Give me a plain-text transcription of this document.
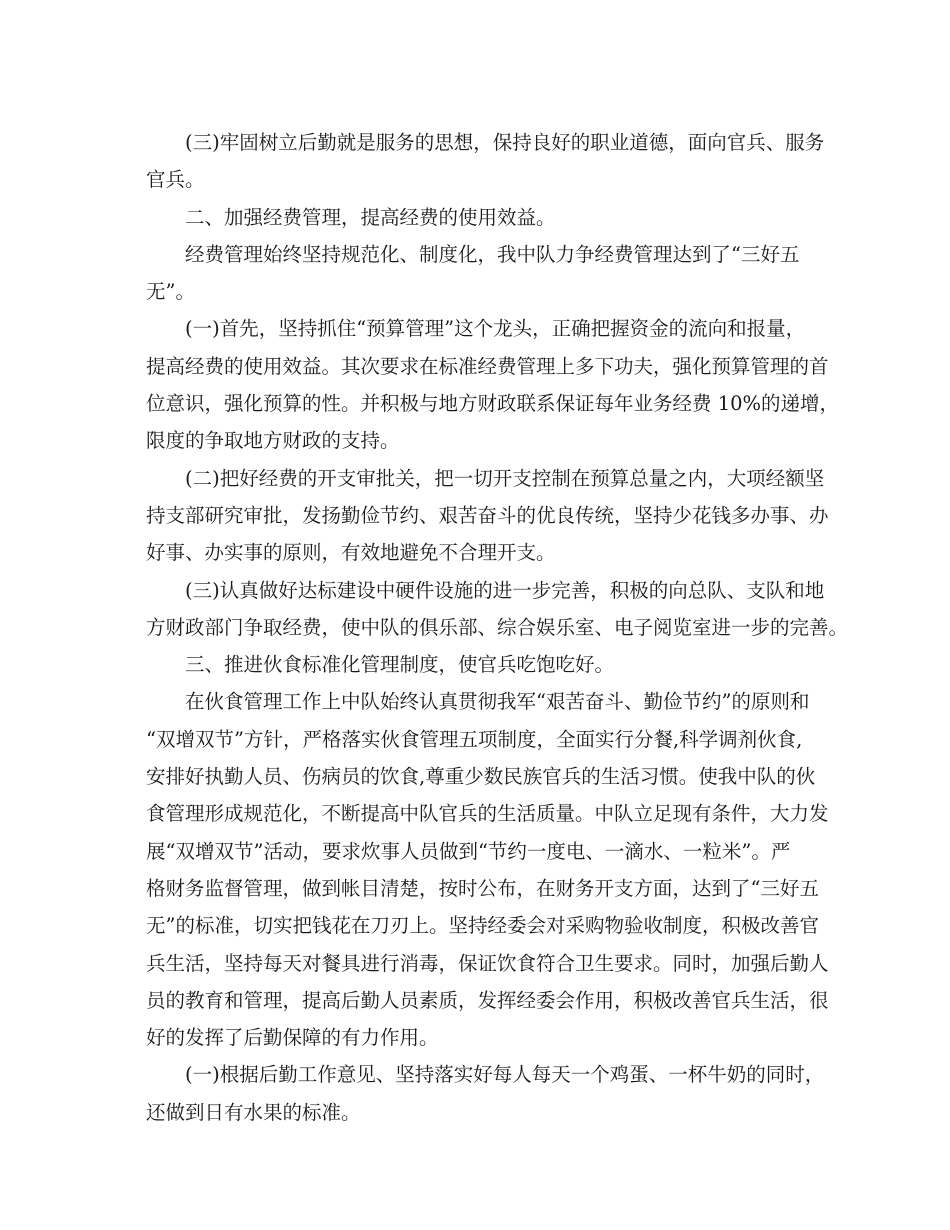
(三)牢固树立后勤就是服务的思想，保持良好的职业道德，面向官兵、服务
官兵。
二、加强经费管理，提高经费的使用效益。
经费管理始终坚持规范化、制度化，我中队力争经费管理达到了“三好五
无”。
(一)首先，坚持抓住“预算管理”这个龙头，正确把握资金的流向和报量，
提高经费的使用效益。其次要求在标准经费管理上多下功夫，强化预算管理的首
位意识，强化预算的性。并积极与地方财政联系保证每年业务经费 10%的递增，
限度的争取地方财政的支持。
(二)把好经费的开支审批关，把一切开支控制在预算总量之内，大项经额坚
持支部研究审批，发扬勤俭节约、艰苦奋斗的优良传统，坚持少花钱多办事、办
好事、办实事的原则，有效地避免不合理开支。
(三)认真做好达标建设中硬件设施的进一步完善，积极的向总队、支队和地
方财政部门争取经费，使中队的俱乐部、综合娱乐室、电子阅览室进一步的完善。
三、推进伙食标准化管理制度，使官兵吃饱吃好。
在伙食管理工作上中队始终认真贯彻我军“艰苦奋斗、勤俭节约”的原则和
“双增双节”方针，严格落实伙食管理五项制度，全面实行分餐,科学调剂伙食,
安排好执勤人员、伤病员的饮食,尊重少数民族官兵的生活习惯。使我中队的伙
食管理形成规范化，不断提高中队官兵的生活质量。中队立足现有条件，大力发
展“双增双节”活动，要求炊事人员做到“节约一度电、一滴水、一粒米”。严
格财务监督管理，做到帐目清楚，按时公布，在财务开支方面，达到了“三好五
无”的标准，切实把钱花在刀刃上。坚持经委会对采购物验收制度，积极改善官
兵生活，坚持每天对餐具进行消毒，保证饮食符合卫生要求。同时，加强后勤人
员的教育和管理，提高后勤人员素质，发挥经委会作用，积极改善官兵生活，很
好的发挥了后勤保障的有力作用。
(一)根据后勤工作意见、坚持落实好每人每天一个鸡蛋、一杯牛奶的同时，
还做到日有水果的标准。
